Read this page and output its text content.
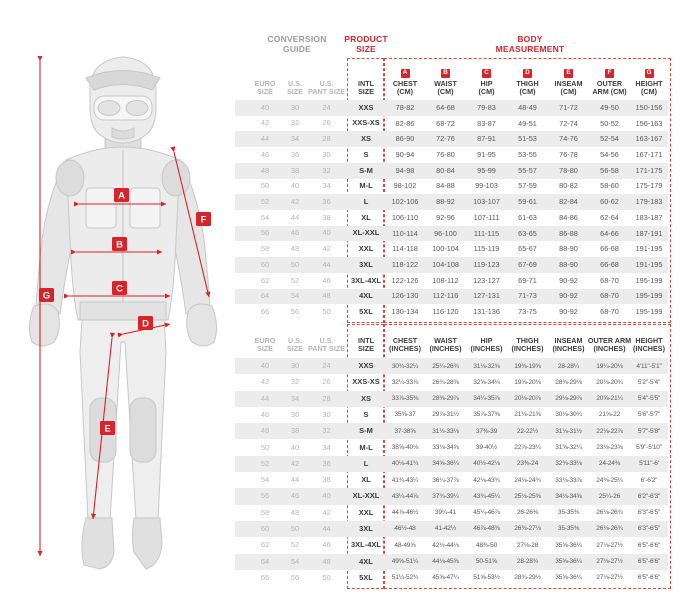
A
B
C
D
E
F
G
CONVERSION
GUIDE
PRODUCT
SIZE
BODY
MEASUREMENT
EURO
SIZE
U.S.
SIZE
U.S.
PANT SIZE
INTL
SIZE
A
CHEST
(CM)
B
WAIST
(CM)
C
HIP
(CM)
D
THIGH
(CM)
E
INSEAM
(CM)
F
OUTER
ARM (CM)
G
HEIGHT
(CM)
40	30	24	XXS	78-82	64-68	79-83	48-49	71-72	49-50	150-156
42	32	26	XXS-XS	82-86	68-72	83-87	49-51	72-74	50-52	156-163
44	34	28	XS	86-90	72-76	87-91	51-53	74-76	52-54	163-167
46	36	30	S	90-94	76-80	91-95	53-55	76-78	54-56	167-171
48	38	32	S-M	94-98	80-84	95-99	55-57	78-80	56-58	171-175
50	40	34	M-L	98-102	84-88	99-103	57-59	80-82	58-60	175-179
52	42	36	L	102-106	88-92	103-107	59-61	82-84	60-62	179-183
54	44	38	XL	106-110	92-96	107-111	61-63	84-86	62-64	183-187
56	46	40	XL-XXL	110-114	96-100	111-115	63-65	86-88	64-66	187-191
58	48	42	XXL	114-118	100-104	115-119	65-67	88-90	66-68	191-195
60	50	44	3XL	118-122	104-108	119-123	67-69	88-90	66-68	191-195
62	52	46	3XL-4XL	122-126	108-112	123-127	69-71	90-92	68-70	195-199
64	54	48	4XL	126-130	112-116	127-131	71-73	90-92	68-70	195-199
66	56	50	5XL	130-134	116-120	131-136	73-75	90-92	68-70	195-199
EURO
SIZE
U.S.
SIZE
U.S.
PANT SIZE
INTL
SIZE
CHEST
(INCHES)
WAIST
(INCHES)
HIP
(INCHES)
THIGH
(INCHES)
INSEAM
(INCHES)
OUTER ARM
(INCHES)
HEIGHT
(INCHES)
40	30	24	XXS	30¾-32¼	25¼-26¾	31⅛-32⅝	19⅜-19⅝	28-28¼	19¼-20⅛	4'11"-5'1"
42	32	26	XXS-XS	32¼-33⅞	26¾-28⅜	32⅝-34¼	19⅝-20⅛	28⅜-29⅛	20⅛-20¾	5'2"-5'4"
44	34	28	XS	33⅞-35⅜	28⅜-29⅞	34¼-35⅞	20⅛-20⅞	29⅛-29⅞	20⅝-21¼	5'4"-5'5"
46	36	30	S	35⅜-37	29⅞-31½	35⅞-37⅜	21⅛-21⅝	30⅛-30¾	21⅝-22	5'6"-5'7"
48	38	32	S-M	37-38⅝	31½-33⅛	37⅜-39	22-22½	31⅛-31½	22⅛-22⅞	5'7"-5'8"
50	40	34	M-L	38⅝-40⅛	33⅛-34⅝	39-40½	22⅞-23¼	31⅝-32¼	23⅛-23⅝	5'9"-5'10"
52	42	36	L	40⅛-41¾	34⅝-36¼	40½-42⅛	23⅜-24	32⅜-33⅛	24-24⅜	5'11"-6'
54	44	38	XL	41¾-43¼	36¼-37⅞	42⅛-43¾	24⅛-24¾	33⅛-33⅞	24⅜-25¼	6'-6'2"
56	46	40	XL-XXL	43¼-44⅞	37¾-39¼	43¾-45¼	25⅛-25⅝	34⅛-34⅝	25¼-26	6'2"-6'3"
58	48	42	XXL	44⅞-46½	39¼-41	45¼-46⅞	26-26⅜	35-35⅜	26⅛-26¾	6'3"-6'5"
60	50	44	3XL	46½-48	41-42½	46⅞-48⅜	26⅜-27⅛	35-35⅜	26⅛-26¾	6'3"-6'5"
62	52	46	3XL-4XL	48-49⅝	42½-44⅛	48⅜-50	27⅛-28	35⅝-36¼	27⅛-27½	6'5"-6'6"
64	54	48	4XL	49⅝-51¼	44⅛-45⅝	50-51⅝	28-28¾	35⅝-36¼	27⅛-27½	6'5"-6'6"
66	56	50	5XL	51¼-52¾	45⅝-47¼	51⅝-53½	28¾-29½	35⅝-36¼	27⅛-27½	6'5"-6'6"
